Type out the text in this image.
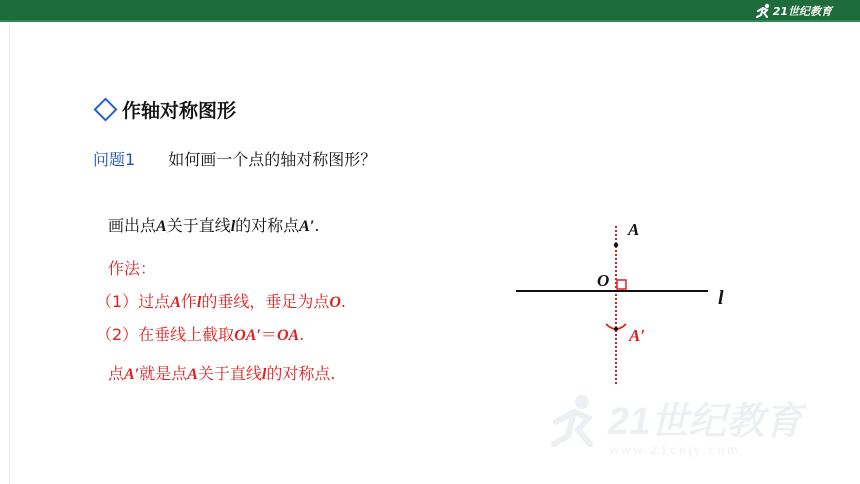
21世纪教育
作轴对称图形
问题1 如何画一个点的轴对称图形？
画出点A关于直线l的对称点A′.
作法：
（1）过点A作l的垂线，垂足为点O.
（2）在垂线上截取OA′＝OA.
点A′就是点A关于直线l的对称点.
A
O
l
A′
21世纪教育
www.21cnjy.com
